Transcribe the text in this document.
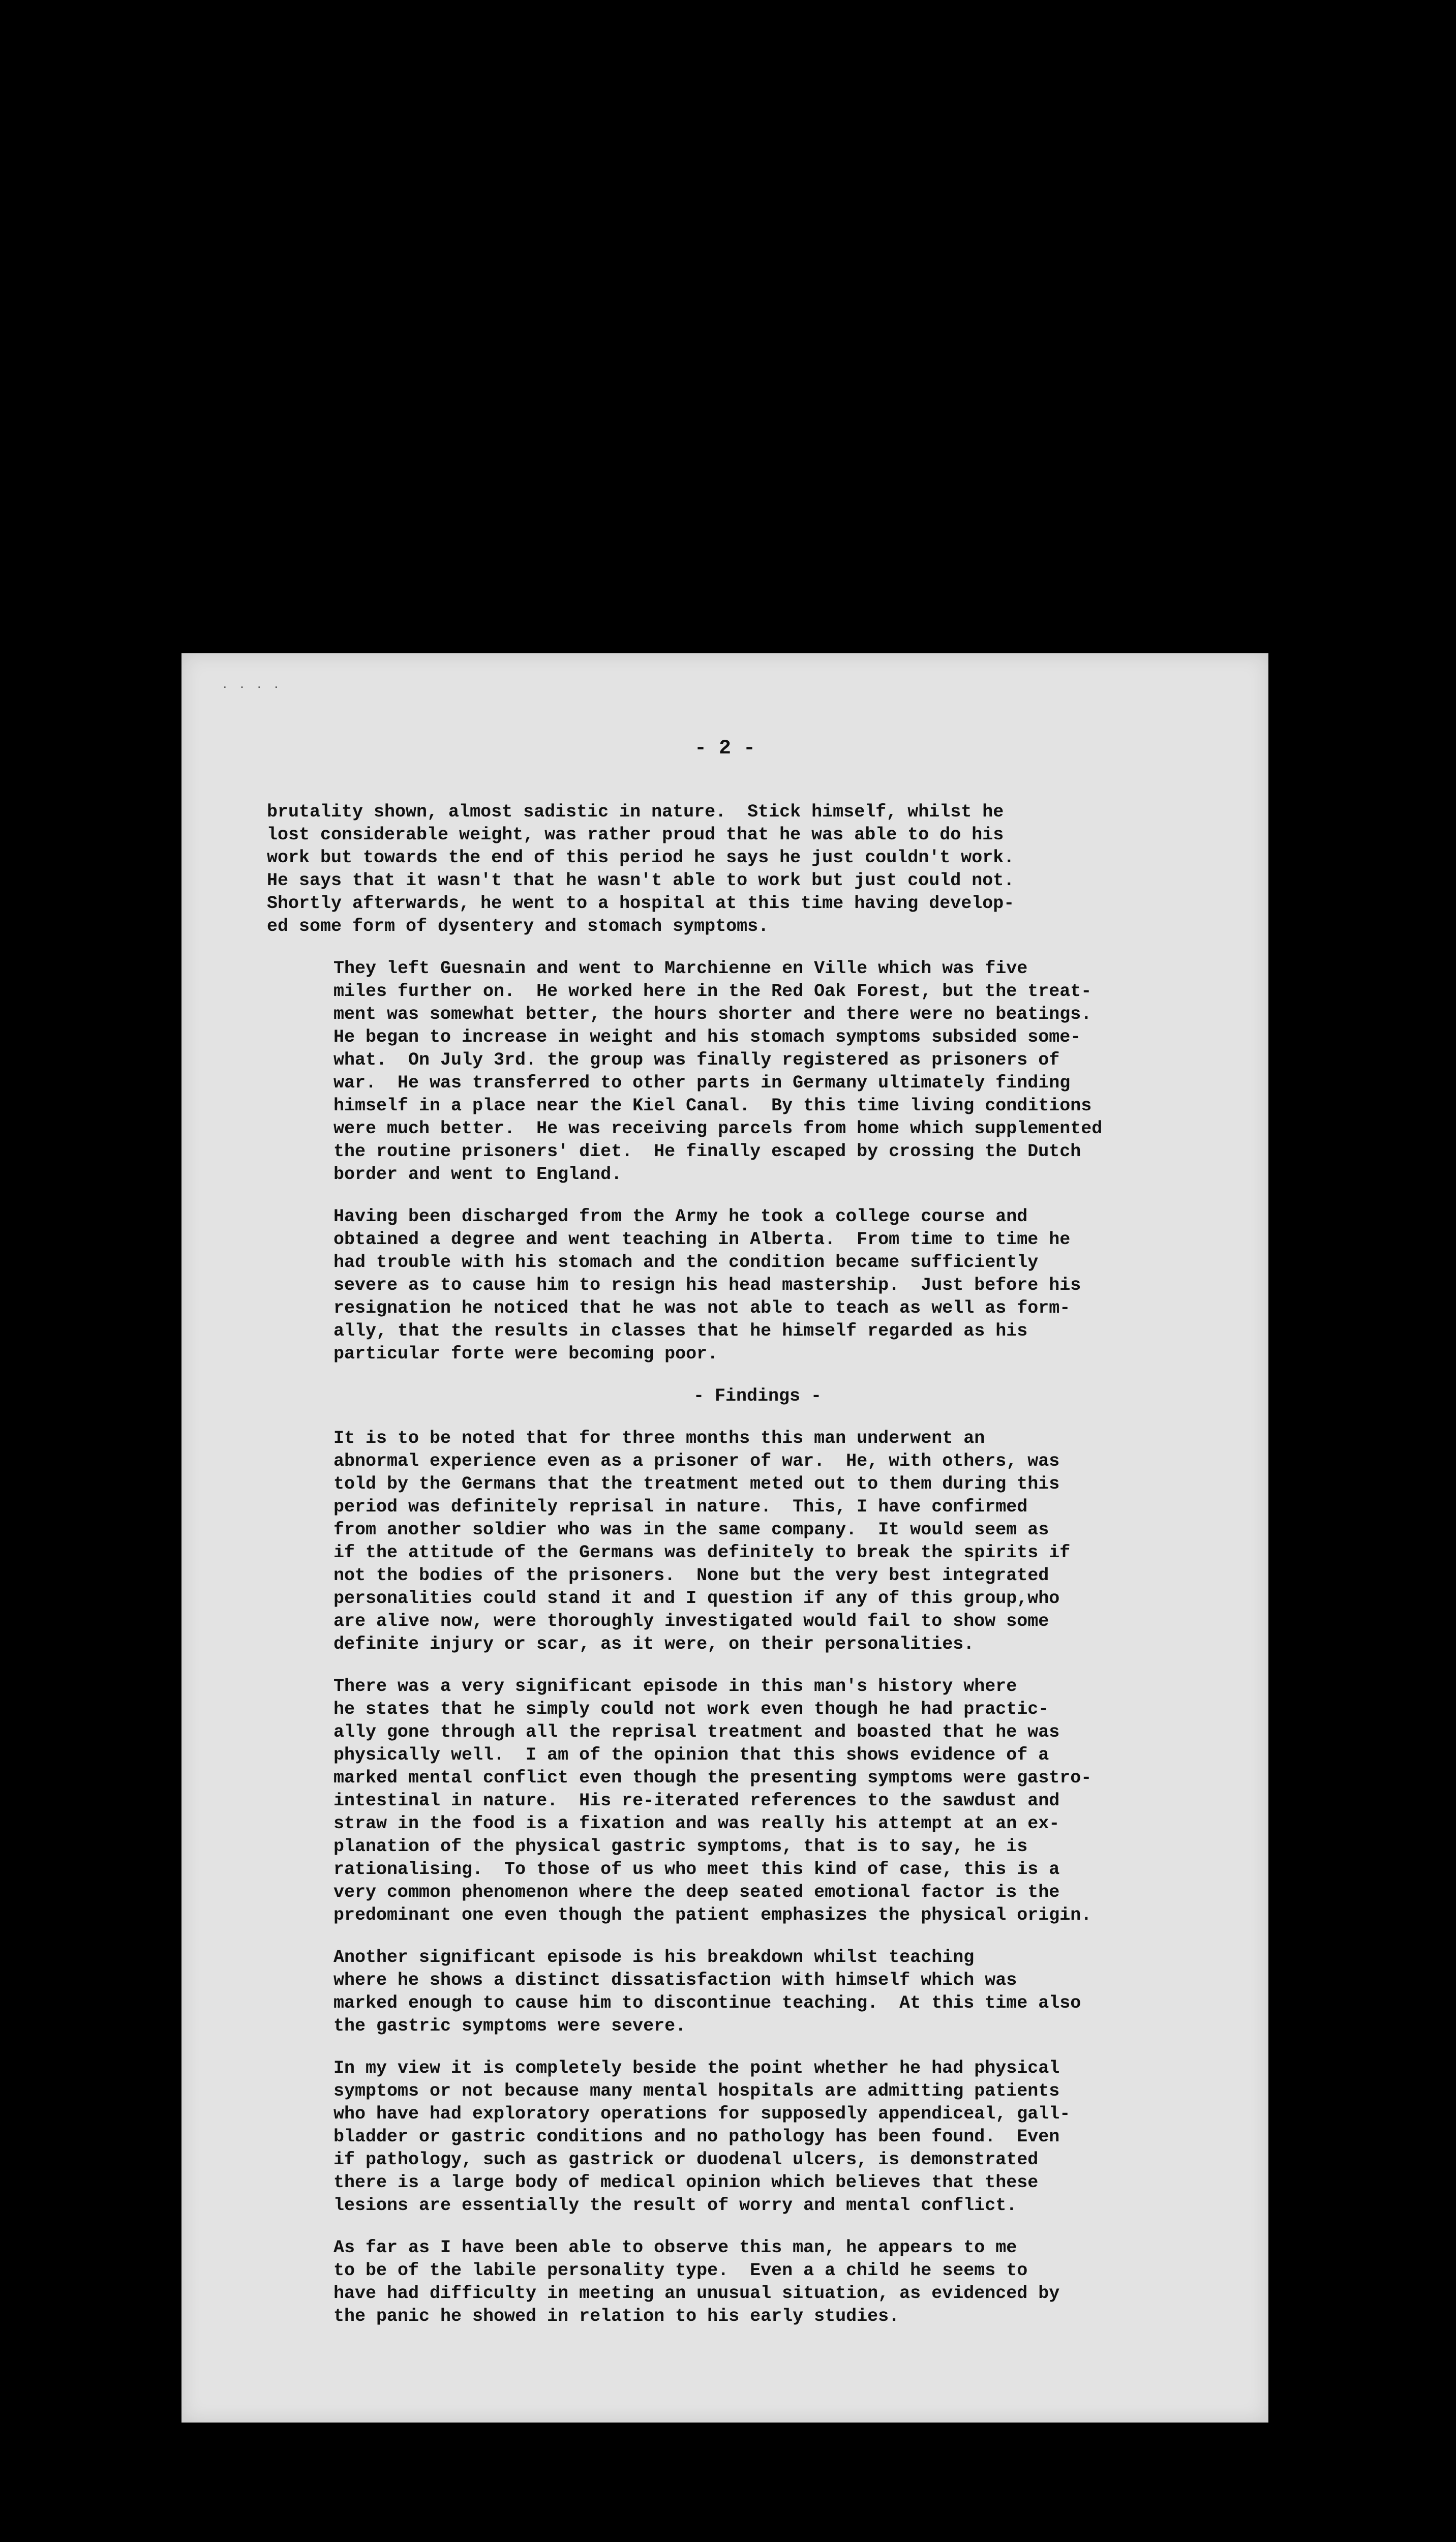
· · · ·
- 2 -
brutality shown, almost sadistic in nature.  Stick himself, whilst he
lost considerable weight, was rather proud that he was able to do his
work but towards the end of this period he says he just couldn't work.
He says that it wasn't that he wasn't able to work but just could not.
Shortly afterwards, he went to a hospital at this time having develop-
ed some form of dysentery and stomach symptoms.
They left Guesnain and went to Marchienne en Ville which was five
miles further on.  He worked here in the Red Oak Forest, but the treat-
ment was somewhat better, the hours shorter and there were no beatings.
He began to increase in weight and his stomach symptoms subsided some-
what.  On July 3rd. the group was finally registered as prisoners of
war.  He was transferred to other parts in Germany ultimately finding
himself in a place near the Kiel Canal.  By this time living conditions
were much better.  He was receiving parcels from home which supplemented
the routine prisoners' diet.  He finally escaped by crossing the Dutch
border and went to England.
Having been discharged from the Army he took a college course and
obtained a degree and went teaching in Alberta.  From time to time he
had trouble with his stomach and the condition became sufficiently
severe as to cause him to resign his head mastership.  Just before his
resignation he noticed that he was not able to teach as well as form-
ally, that the results in classes that he himself regarded as his
particular forte were becoming poor.
- Findings -
It is to be noted that for three months this man underwent an
abnormal experience even as a prisoner of war.  He, with others, was
told by the Germans that the treatment meted out to them during this
period was definitely reprisal in nature.  This, I have confirmed
from another soldier who was in the same company.  It would seem as
if the attitude of the Germans was definitely to break the spirits if
not the bodies of the prisoners.  None but the very best integrated
personalities could stand it and I question if any of this group,who
are alive now, were thoroughly investigated would fail to show some
definite injury or scar, as it were, on their personalities.
There was a very significant episode in this man's history where
he states that he simply could not work even though he had practic-
ally gone through all the reprisal treatment and boasted that he was
physically well.  I am of the opinion that this shows evidence of a
marked mental conflict even though the presenting symptoms were gastro-
intestinal in nature.  His re-iterated references to the sawdust and
straw in the food is a fixation and was really his attempt at an ex-
planation of the physical gastric symptoms, that is to say, he is
rationalising.  To those of us who meet this kind of case, this is a
very common phenomenon where the deep seated emotional factor is the
predominant one even though the patient emphasizes the physical origin.
Another significant episode is his breakdown whilst teaching
where he shows a distinct dissatisfaction with himself which was
marked enough to cause him to discontinue teaching.  At this time also
the gastric symptoms were severe.
In my view it is completely beside the point whether he had physical
symptoms or not because many mental hospitals are admitting patients
who have had exploratory operations for supposedly appendiceal, gall-
bladder or gastric conditions and no pathology has been found.  Even
if pathology, such as gastrick or duodenal ulcers, is demonstrated
there is a large body of medical opinion which believes that these
lesions are essentially the result of worry and mental conflict.
As far as I have been able to observe this man, he appears to me
to be of the labile personality type.  Even a a child he seems to
have had difficulty in meeting an unusual situation, as evidenced by
the panic he showed in relation to his early studies.
